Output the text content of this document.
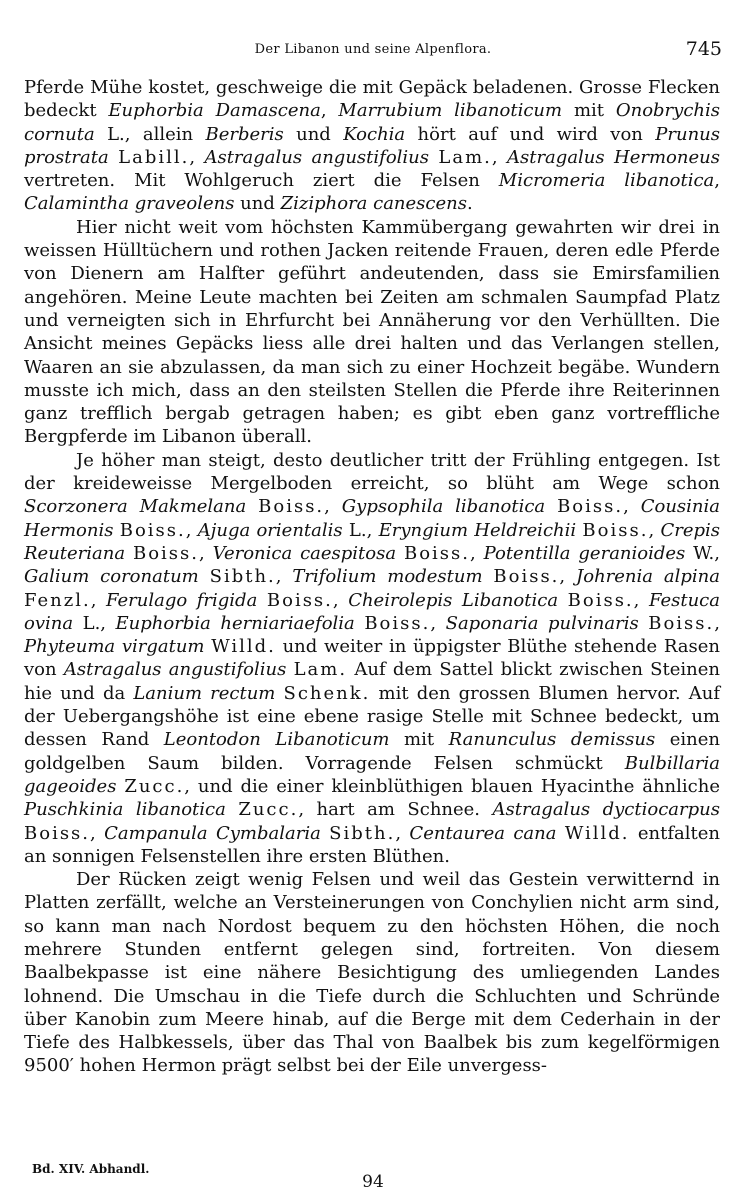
Der Libanon und seine Alpenflora.	745

Pferde Mühe kostet, geschweige die mit Gepäck beladenen. Grosse Flecken bedeckt Euphorbia Damascena, Marrubium libanoticum mit Onobrychis cornuta L., allein Berberis und Kochia hört auf und wird von Prunus prostrata Labill., Astragalus angustifolius Lam., Astragalus Hermoneus vertreten. Mit Wohlgeruch ziert die Felsen Micromeria libanotica, Calamintha graveolens und Ziziphora canescens.

Hier nicht weit vom höchsten Kammübergang gewahrten wir drei in weissen Hülltüchern und rothen Jacken reitende Frauen, deren edle Pferde von Dienern am Halfter geführt andeutenden, dass sie Emirsfamilien angehören. Meine Leute machten bei Zeiten am schmalen Saumpfad Platz und verneigten sich in Ehrfurcht bei Annäherung vor den Verhüllten. Die Ansicht meines Gepäcks liess alle drei halten und das Verlangen stellen, Waaren an sie abzulassen, da man sich zu einer Hochzeit begäbe. Wundern musste ich mich, dass an den steilsten Stellen die Pferde ihre Reiterinnen ganz trefflich bergab getragen haben; es gibt eben ganz vortreffliche Bergpferde im Libanon überall.

Je höher man steigt, desto deutlicher tritt der Frühling entgegen. Ist der kreideweisse Mergelboden erreicht, so blüht am Wege schon Scorzonera Makmelana Boiss., Gypsophila libanotica Boiss., Cousinia Hermonis Boiss., Ajuga orientalis L., Eryngium Heldreichii Boiss., Crepis Reuteriana Boiss., Veronica caespitosa Boiss., Potentilla geranioides W., Galium coronatum Sibth., Trifolium modestum Boiss., Johrenia alpina Fenzl., Ferulago frigida Boiss., Cheirolepis Libanotica Boiss., Festuca ovina L., Euphorbia herniariaefolia Boiss., Saponaria pulvinaris Boiss., Phyteuma virgatum Willd. und weiter in üppigster Blüthe stehende Rasen von Astragalus angustifolius Lam. Auf dem Sattel blickt zwischen Steinen hie und da Lanium rectum Schenk. mit den grossen Blumen hervor. Auf der Uebergangshöhe ist eine ebene rasige Stelle mit Schnee bedeckt, um dessen Rand Leontodon Libanoticum mit Ranunculus demissus einen goldgelben Saum bilden. Vorragende Felsen schmückt Bulbillaria gageoides Zucc., und die einer kleinblüthigen blauen Hyacinthe ähnliche Puschkinia libanotica Zucc., hart am Schnee. Astragalus dyctiocarpus Boiss., Campanula Cymbalaria Sibth., Centaurea cana Willd. entfalten an sonnigen Felsenstellen ihre ersten Blüthen.

Der Rücken zeigt wenig Felsen und weil das Gestein verwitternd in Platten zerfällt, welche an Versteinerungen von Conchylien nicht arm sind, so kann man nach Nordost bequem zu den höchsten Höhen, die noch mehrere Stunden entfernt gelegen sind, fortreiten. Von diesem Baalbekpasse ist eine nähere Besichtigung des umliegenden Landes lohnend. Die Umschau in die Tiefe durch die Schluchten und Schründe über Kanobin zum Meere hinab, auf die Berge mit dem Cederhain in der Tiefe des Halbkessels, über das Thal von Baalbek bis zum kegelförmigen 9500′ hohen Hermon prägt selbst bei der Eile unvergess-

Bd. XIV. Abhandl.
94
